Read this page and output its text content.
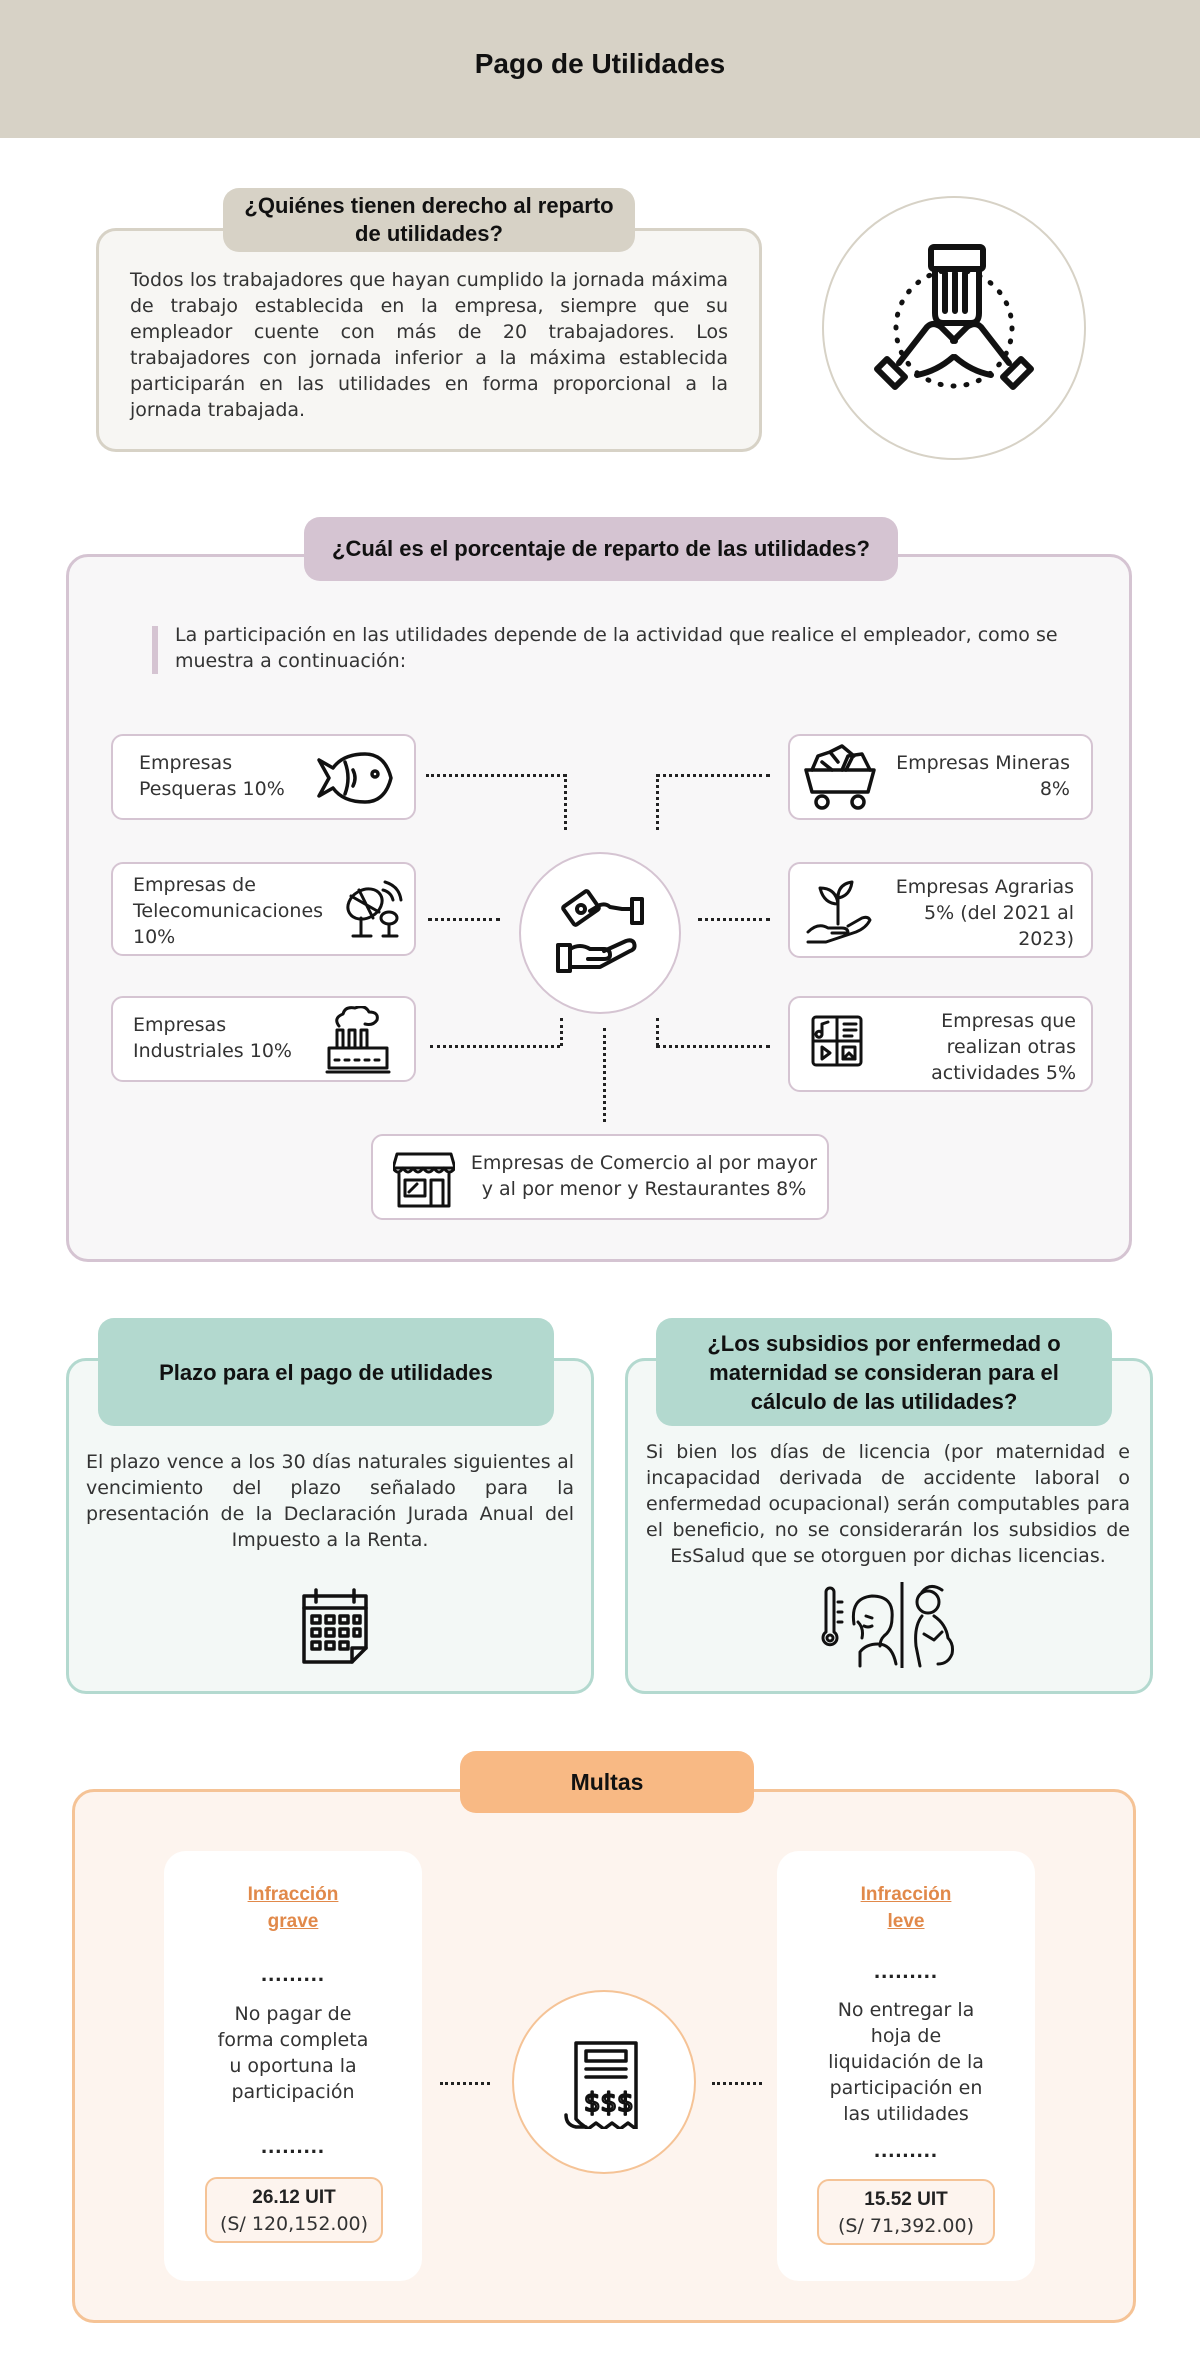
Pago de Utilidades
¿Quiénes tienen derecho al reparto de utilidades?
Todos los trabajadores que hayan cumplido la jornada máxima de trabajo establecida en la empresa, siempre que su empleador cuente con más de 20 trabajadores. Los trabajadores con jornada inferior a la máxima establecida participarán en las utilidades en forma proporcional a la jornada trabajada.
¿Cuál es el porcentaje de reparto de las utilidades?
La participación en las utilidades depende de la actividad que realice el empleador, como se muestra a continuación:
Empresas Pesqueras 10%
Empresas de Telecomunicaciones 10%
Empresas Industriales 10%
Empresas Mineras 8%
Empresas Agrarias 5% (del 2021 al 2023)
Empresas que realizan otras actividades 5%
Empresas de Comercio al por mayor y al por menor y Restaurantes 8%
Plazo para el pago de utilidades
El plazo vence a los 30 días naturales siguientes al vencimiento del plazo señalado para la presentación de la Declaración Jurada Anual del Impuesto a la Renta.
¿Los subsidios por enfermedad o maternidad se consideran para el cálculo de las utilidades?
Si bien los días de licencia (por maternidad e incapacidad derivada de accidente laboral o enfermedad ocupacional) serán computables para el beneficio, no se considerarán los subsidios de EsSalud que se otorguen por dichas licencias.
Multas
Infracción grave
.........
No pagar de forma completa u oportuna la participación
.........
26.12 UIT
(S/ 120,152.00)
Infracción leve
.........
No entregar la hoja de liquidación de la participación en las utilidades
.........
15.52 UIT
(S/ 71,392.00)
$$$
